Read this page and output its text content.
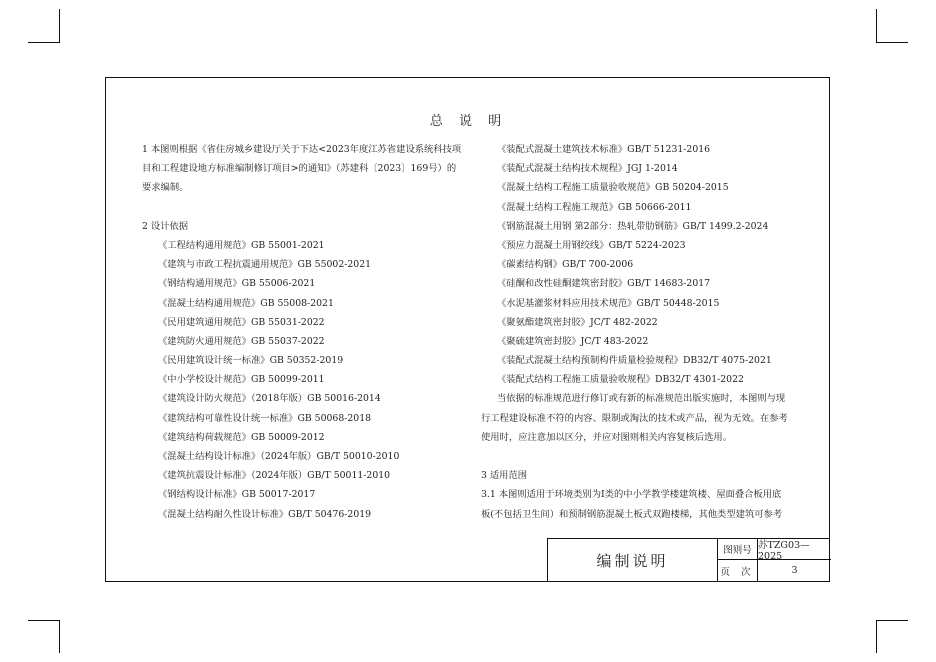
总 说 明
1 本图则根据《省住房城乡建设厅关于下达<2023年度江苏省建设系统科技项
目和工程建设地方标准编制修订项目>的通知》（苏建科〔2023〕169号）的
要求编制。
2 设计依据
《工程结构通用规范》GB 55001-2021
《建筑与市政工程抗震通用规范》GB 55002-2021
《钢结构通用规范》GB 55006-2021
《混凝土结构通用规范》GB 55008-2021
《民用建筑通用规范》GB 55031-2022
《建筑防火通用规范》GB 55037-2022
《民用建筑设计统一标准》GB 50352-2019
《中小学校设计规范》GB 50099-2011
《建筑设计防火规范》（2018年版）GB 50016-2014
《建筑结构可靠性设计统一标准》GB 50068-2018
《建筑结构荷载规范》GB 50009-2012
《混凝土结构设计标准》（2024年版）GB/T 50010-2010
《建筑抗震设计标准》（2024年版）GB/T 50011-2010
《钢结构设计标准》GB 50017-2017
《混凝土结构耐久性设计标准》GB/T 50476-2019
《装配式混凝土建筑技术标准》GB/T 51231-2016
《装配式混凝土结构技术规程》JGJ 1-2014
《混凝土结构工程施工质量验收规范》GB 50204-2015
《混凝土结构工程施工规范》GB 50666-2011
《钢筋混凝土用钢 第2部分：热轧带肋钢筋》GB/T 1499.2-2024
《预应力混凝土用钢绞线》GB/T 5224-2023
《碳素结构钢》GB/T 700-2006
《硅酮和改性硅酮建筑密封胶》GB/T 14683-2017
《水泥基灌浆材料应用技术规范》GB/T 50448-2015
《聚氨酯建筑密封胶》JC/T 482-2022
《聚硫建筑密封胶》JC/T 483-2022
《装配式混凝土结构预制构件质量检验规程》DB32/T 4075-2021
《装配式结构工程施工质量验收规程》DB32/T 4301-2022
当依据的标准规范进行修订或有新的标准规范出版实施时，本图则与现
行工程建设标准不符的内容、限制或淘汰的技术或产品，视为无效。在参考
使用时，应注意加以区分，并应对图则相关内容复核后选用。
3 适用范围
3.1 本图则适用于环境类别为Ⅰ类的中小学教学楼建筑楼、屋面叠合板用底
板(不包括卫生间）和预制钢筋混凝土板式双跑楼梯，其他类型建筑可参考
编制说明
图则号 苏TZG03—2025
页 次	3
